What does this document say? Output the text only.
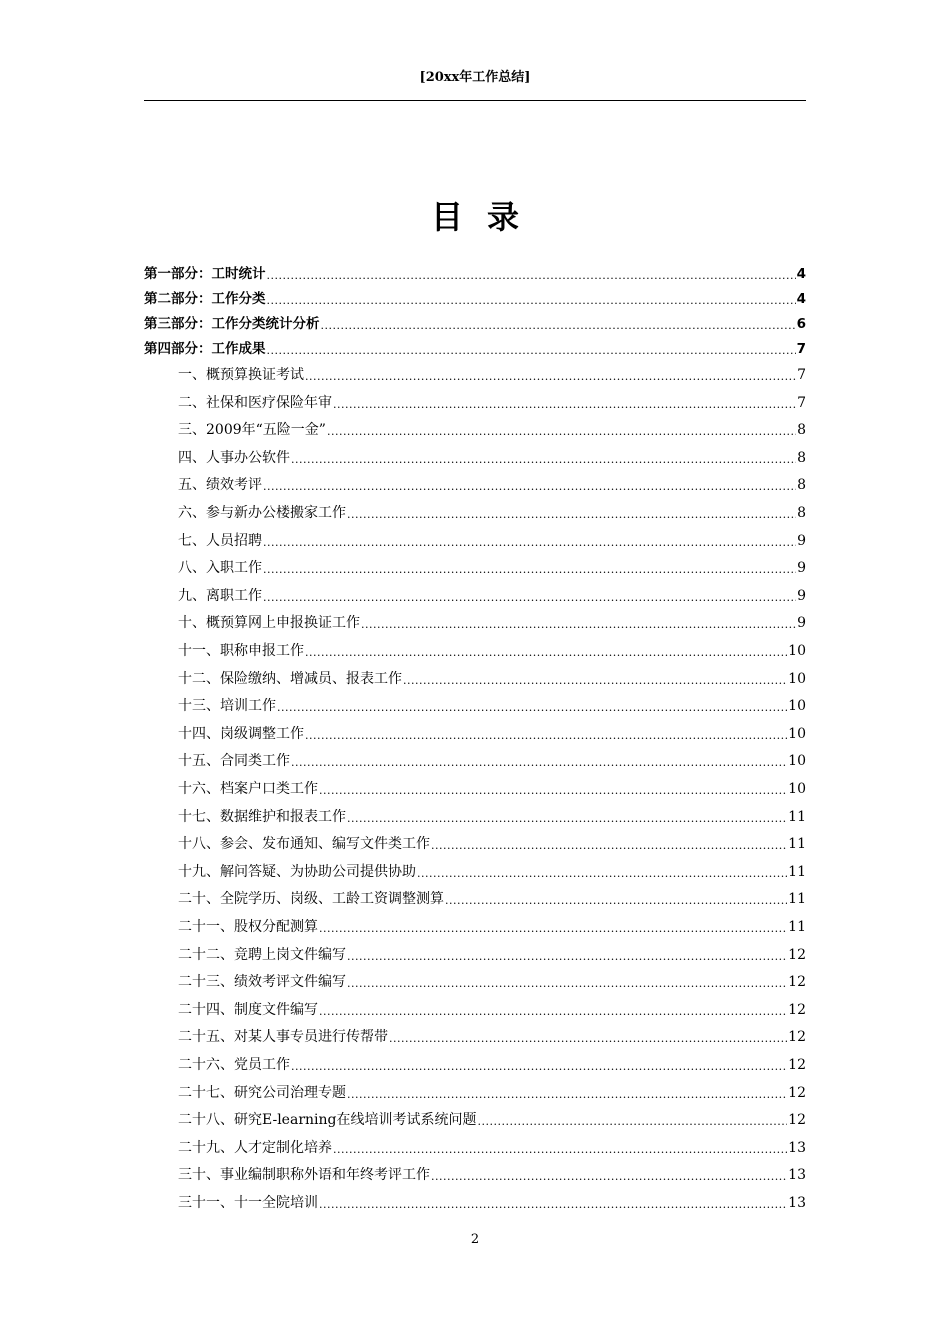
[20xx年工作总结]
目录
第一部分：工时统计 .....	4
第二部分：工作分类 .....	4
第三部分：工作分类统计分析 .....	6
第四部分：工作成果 .....	7
一、概预算换证考试 .....	7
二、社保和医疗保险年审 .....	7
三、2009年“五险一金” .....	8
四、人事办公软件 .....	8
五、绩效考评 .....	8
六、参与新办公楼搬家工作 .....	8
七、人员招聘 .....	9
八、入职工作 .....	9
九、离职工作 .....	9
十、概预算网上申报换证工作 .....	9
十一、职称申报工作 .....	10
十二、保险缴纳、增减员、报表工作 .....	10
十三、培训工作 .....	10
十四、岗级调整工作 .....	10
十五、合同类工作 .....	10
十六、档案户口类工作 .....	10
十七、数据维护和报表工作 .....	11
十八、参会、发布通知、编写文件类工作 .....	11
十九、解问答疑、为协助公司提供协助 .....	11
二十、全院学历、岗级、工龄工资调整测算 .....	11
二十一、股权分配测算 .....	11
二十二、竞聘上岗文件编写 .....	12
二十三、绩效考评文件编写 .....	12
二十四、制度文件编写 .....	12
二十五、对某人事专员进行传帮带 .....	12
二十六、党员工作 .....	12
二十七、研究公司治理专题 .....	12
二十八、研究E-learning在线培训考试系统问题 .....	12
二十九、人才定制化培养 .....	13
三十、事业编制职称外语和年终考评工作 .....	13
三十一、十一全院培训 .....	13
2
